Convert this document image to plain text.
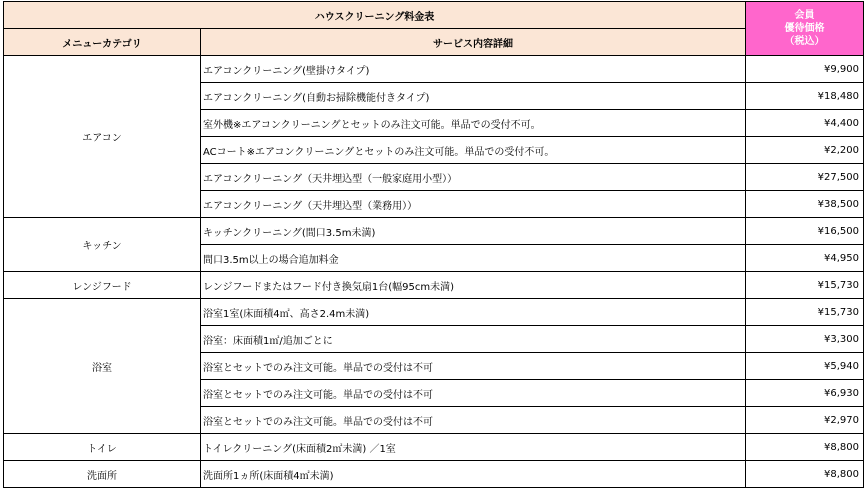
ハウスクリーニング料金表		会員
優待価格
（税込）

メニューカテゴリ	サービス内容詳細	
エアコン	エアコンクリーニング(壁掛けタイプ)	¥9,900
	エアコンクリーニング(自動お掃除機能付きタイプ)	¥18,480
	室外機※エアコンクリーニングとセットのみ注文可能。単品での受付不可。	¥4,400
	ACコート※エアコンクリーニングとセットのみ注文可能。単品での受付不可。	¥2,200
	エアコンクリーニング（天井埋込型（一般家庭用小型））	¥27,500
	エアコンクリーニング（天井埋込型（業務用））	¥38,500
キッチン	キッチンクリーニング(間口3.5m未満)	¥16,500
	間口3.5m以上の場合追加料金	¥4,950
レンジフード	レンジフードまたはフード付き換気扇1台(幅95cm未満)	¥15,730
浴室	浴室1室(床面積4㎡、高さ2.4m未満)	¥15,730
	浴室：床面積1㎡/追加ごとに	¥3,300
	浴室とセットでのみ注文可能。単品での受付は不可	¥5,940
	浴室とセットでのみ注文可能。単品での受付は不可	¥6,930
	浴室とセットでのみ注文可能。単品での受付は不可	¥2,970
トイレ	トイレクリーニング(床面積2㎡未満) ／1室	¥8,800
洗面所	洗面所1ヵ所(床面積4㎡未満)	¥8,800
